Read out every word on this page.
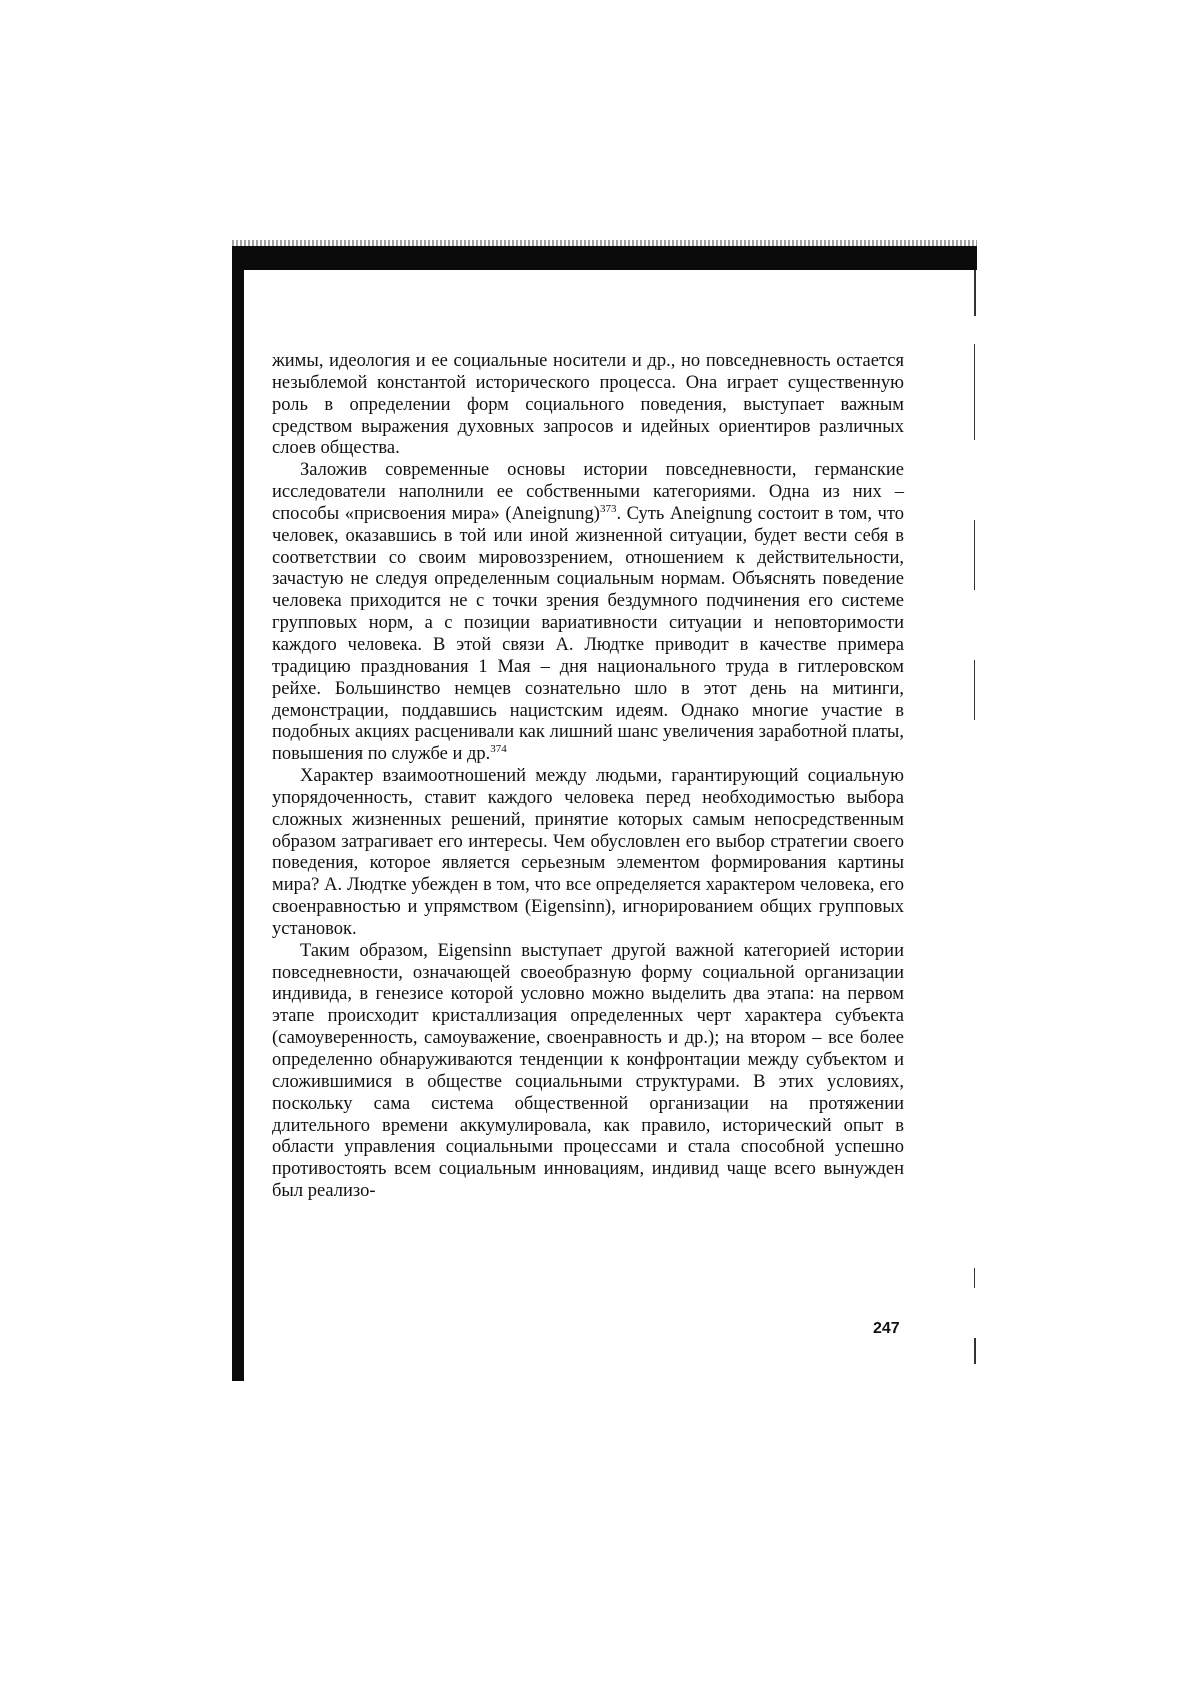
жимы, идеология и ее социальные носители и др., но повседневность остается незыблемой константой исторического процесса. Она играет существенную роль в определении форм социального поведения, выступает важным средством выражения духовных запросов и идейных ориентиров различных слоев общества.

Заложив современные основы истории повседневности, германские исследователи наполнили ее собственными категориями. Одна из них – способы «присвоения мира» (Aneignung)$^{373}$. Суть Aneignung состоит в том, что человек, оказавшись в той или иной жизненной ситуации, будет вести себя в соответствии со своим мировоззрением, отношением к действительности, зачастую не следуя определенным социальным нормам. Объяснять поведение человека приходится не с точки зрения бездумного подчинения его системе групповых норм, а с позиции вариативности ситуации и неповторимости каждого человека. В этой связи А. Людтке приводит в качестве примера традицию празднования 1 Мая – дня национального труда в гитлеровском рейхе. Большинство немцев сознательно шло в этот день на митинги, демонстрации, поддавшись нацистским идеям. Однако многие участие в подобных акциях расценивали как лишний шанс увеличения заработной платы, повышения по службе и др.$^{374}$

Характер взаимоотношений между людьми, гарантирующий социальную упорядоченность, ставит каждого человека перед необходимостью выбора сложных жизненных решений, принятие которых самым непосредственным образом затрагивает его интересы. Чем обусловлен его выбор стратегии своего поведения, которое является серьезным элементом формирования картины мира? А. Людтке убежден в том, что все определяется характером человека, его своенравностью и упрямством (Eigensinn), игнорированием общих групповых установок.

Таким образом, Eigensinn выступает другой важной категорией истории повседневности, означающей своеобразную форму социальной организации индивида, в генезисе которой условно можно выделить два этапа: на первом этапе происходит кристаллизация определенных черт характера субъекта (самоуверенность, самоуважение, своенравность и др.); на втором – все более определенно обнаруживаются тенденции к конфронтации между субъектом и сложившимися в обществе социальными структурами. В этих условиях, поскольку сама система общественной организации на протяжении длительного времени аккумулировала, как правило, исторический опыт в области управления социальными процессами и стала способной успешно противостоять всем социальным инновациям, индивид чаще всего вынужден был реализо-

247
